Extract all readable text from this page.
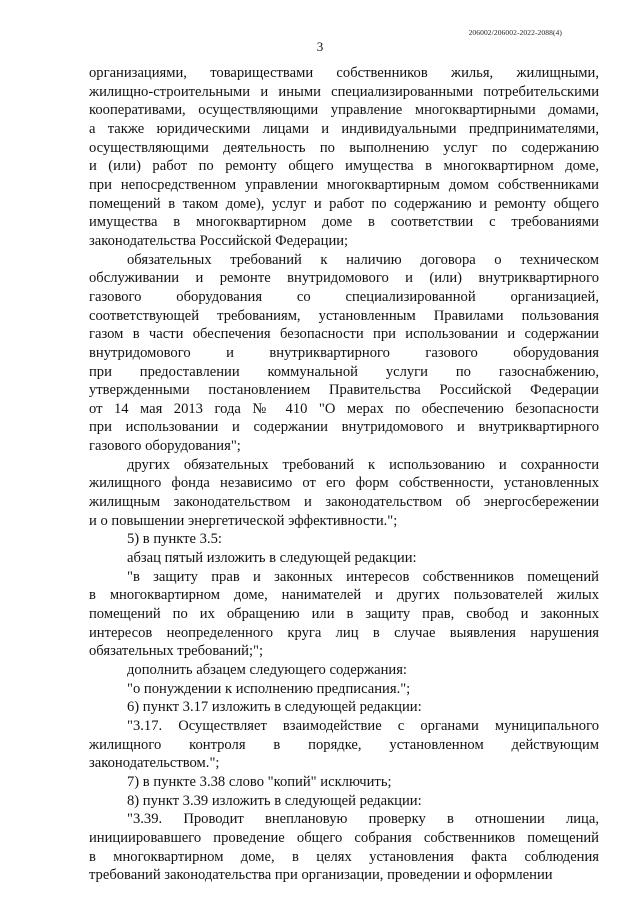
206002/206002-2022-2088(4)
3
организациями, товариществами собственников жилья, жилищными,
жилищно-строительными и иными специализированными потребительскими
кооперативами, осуществляющими управление многоквартирными домами,
а также юридическими лицами и индивидуальными предпринимателями,
осуществляющими деятельность по выполнению услуг по содержанию
и (или) работ по ремонту общего имущества в многоквартирном доме,
при непосредственном управлении многоквартирным домом собственниками
помещений в таком доме), услуг и работ по содержанию и ремонту общего
имущества в многоквартирном доме в соответствии с требованиями
законодательства Российской Федерации;
обязательных требований к наличию договора о техническом
обслуживании и ремонте внутридомового и (или) внутриквартирного
газового оборудования со специализированной организацией,
соответствующей требованиям, установленным Правилами пользования
газом в части обеспечения безопасности при использовании и содержании
внутридомового и внутриквартирного газового оборудования
при предоставлении коммунальной услуги по газоснабжению,
утвержденными постановлением Правительства Российской Федерации
от 14 мая 2013 года № 410 "О мерах по обеспечению безопасности
при использовании и содержании внутридомового и внутриквартирного
газового оборудования";
других обязательных требований к использованию и сохранности
жилищного фонда независимо от его форм собственности, установленных
жилищным законодательством и законодательством об энергосбережении
и о повышении энергетической эффективности.";
5) в пункте 3.5:
абзац пятый изложить в следующей редакции:
"в защиту прав и законных интересов собственников помещений
в многоквартирном доме, нанимателей и других пользователей жилых
помещений по их обращению или в защиту прав, свобод и законных
интересов неопределенного круга лиц в случае выявления нарушения
обязательных требований;";
дополнить абзацем следующего содержания:
"о понуждении к исполнению предписания.";
6) пункт 3.17 изложить в следующей редакции:
"3.17. Осуществляет взаимодействие с органами муниципального
жилищного контроля в порядке, установленном действующим
законодательством.";
7) в пункте 3.38 слово "копий" исключить;
8) пункт 3.39 изложить в следующей редакции:
"3.39. Проводит внеплановую проверку в отношении лица,
инициировавшего проведение общего собрания собственников помещений
в многоквартирном доме, в целях установления факта соблюдения
требований законодательства при организации, проведении и оформлении
